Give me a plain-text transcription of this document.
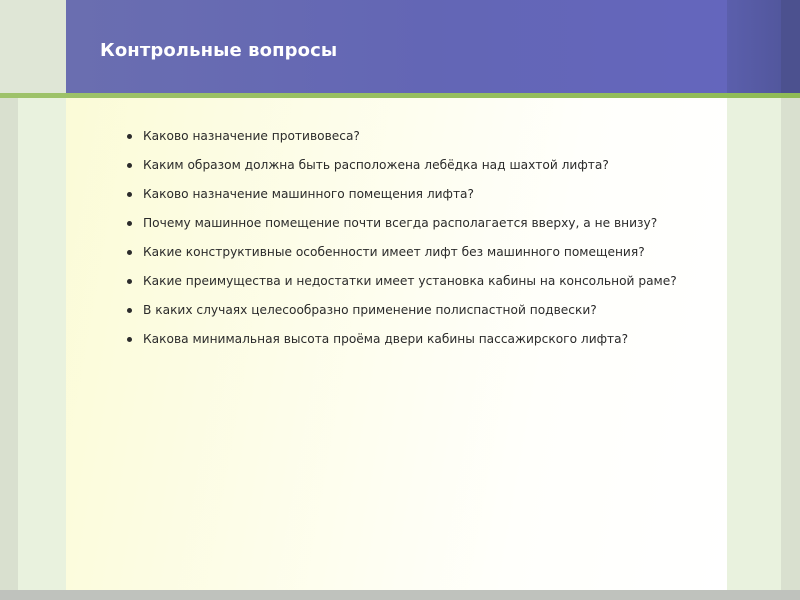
Контрольные вопросы
Каково назначение противовеса?
Каким образом должна быть расположена лебёдка над шахтой лифта?
Каково назначение машинного помещения лифта?
Почему машинное помещение почти всегда располагается вверху, а не внизу?
Какие конструктивные особенности имеет лифт без машинного помещения?
Какие преимущества и недостатки имеет установка кабины на консольной раме?
В каких случаях целесообразно применение полиспастной подвески?
Какова минимальная высота проёма двери кабины пассажирского лифта?
